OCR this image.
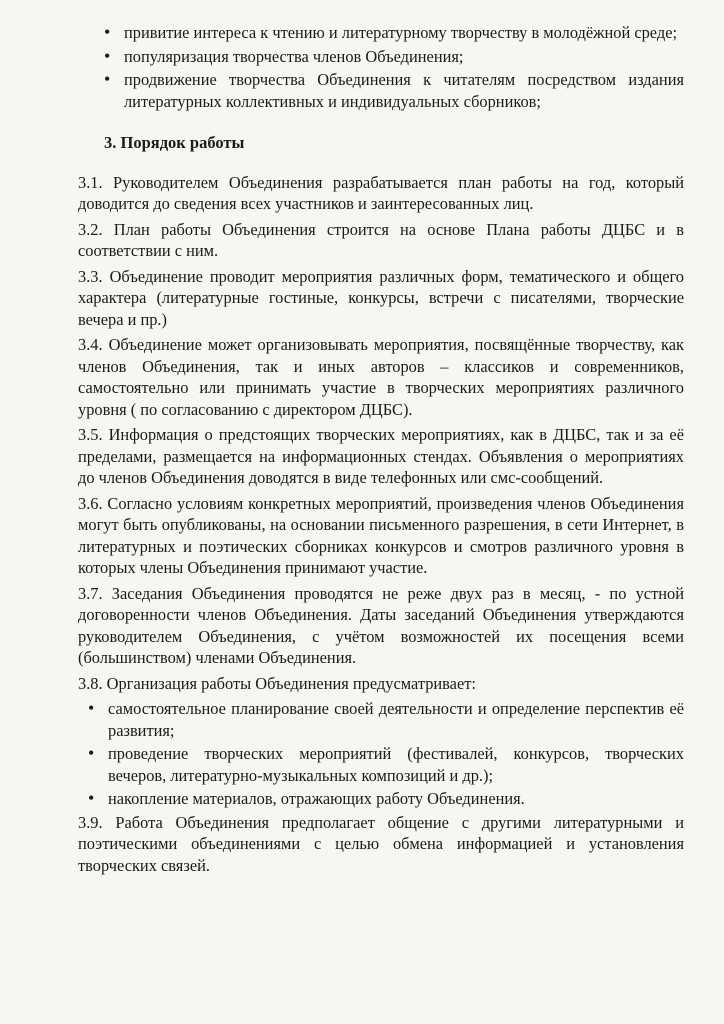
• привитие интереса к чтению и литературному творчеству в молодёжной среде;
• популяризация творчества членов Объединения;
• продвижение творчества Объединения к читателям посредством издания литературных коллективных и индивидуальных сборников;
3. Порядок работы

3.1. Руководителем Объединения разрабатывается план работы на год, который доводится до сведения всех участников и заинтересованных лиц.

3.2. План работы Объединения строится на основе Плана работы ДЦБС и в соответствии с ним.

3.3. Объединение проводит мероприятия различных форм, тематического и общего характера (литературные гостиные, конкурсы, встречи с писателями, творческие вечера и пр.)

3.4. Объединение может организовывать мероприятия, посвящённые творчеству, как членов Объединения, так и иных авторов – классиков и современников, самостоятельно или принимать участие в творческих мероприятиях различного уровня ( по согласованию с директором ДЦБС).

3.5. Информация о предстоящих творческих мероприятиях, как в ДЦБС, так и за её пределами, размещается на информационных стендах. Объявления о мероприятиях до членов Объединения доводятся в виде телефонных или смс-сообщений.

3.6. Согласно условиям конкретных мероприятий, произведения членов Объединения могут быть опубликованы, на основании письменного разрешения, в сети Интернет, в литературных и поэтических сборниках конкурсов и смотров различного уровня в которых члены Объединения принимают участие.

3.7. Заседания Объединения проводятся не реже двух раз в месяц, - по устной договоренности членов Объединения. Даты заседаний Объединения утверждаются руководителем Объединения, с учётом возможностей их посещения всеми (большинством) членами Объединения.

3.8. Организация работы Объединения предусматривает:

• самостоятельное планирование своей деятельности и определение перспектив её развития;
• проведение творческих мероприятий (фестивалей, конкурсов, творческих вечеров, литературно-музыкальных композиций и др.);
• накопление материалов, отражающих работу Объединения.

3.9. Работа Объединения предполагает общение с другими литературными и поэтическими объединениями с целью обмена информацией и установления творческих связей.
